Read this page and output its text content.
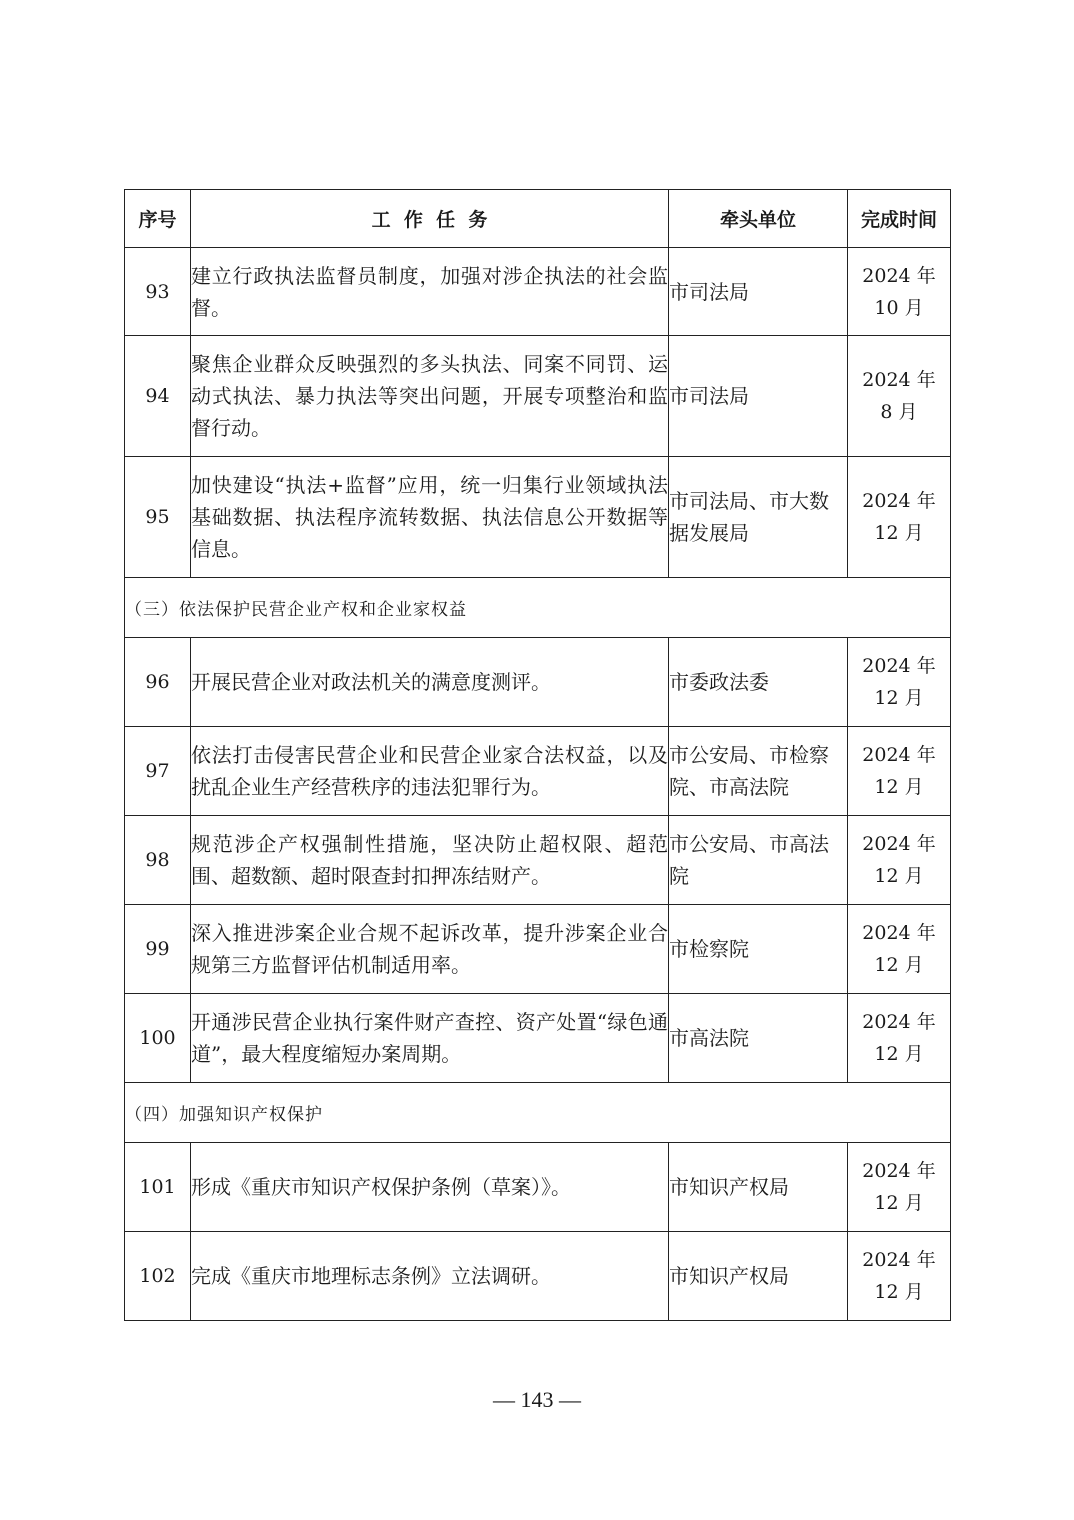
序号	工  作  任  务	牵头单位	完成时间
93	建立行政执法监督员制度，加强对涉企执法的社会监督。	市司法局	2024 年
10 月

94	聚焦企业群众反映强烈的多头执法、同案不同罚、运动式执法、暴力执法等突出问题，开展专项整治和监督行动。	市司法局	2024 年
8 月

95	加快建设“执法+监督”应用，统一归集行业领域执法基础数据、执法程序流转数据、执法信息公开数据等信息。	市司法局、市大数据发展局	2024 年
12 月

（三）依法保护民营企业产权和企业家权益			
96	开展民营企业对政法机关的满意度测评。	市委政法委	2024 年
12 月

97	依法打击侵害民营企业和民营企业家合法权益，以及扰乱企业生产经营秩序的违法犯罪行为。	市公安局、市检察院、市高法院	2024 年
12 月

98	规范涉企产权强制性措施，坚决防止超权限、超范围、超数额、超时限查封扣押冻结财产。	市公安局、市高法院	2024 年
12 月

99	深入推进涉案企业合规不起诉改革，提升涉案企业合规第三方监督评估机制适用率。	市检察院	2024 年
12 月

100	开通涉民营企业执行案件财产查控、资产处置“绿色通道”，最大程度缩短办案周期。	市高法院	2024 年
12 月

（四）加强知识产权保护			
101	形成《重庆市知识产权保护条例（草案）》。	市知识产权局	2024 年
12 月

102	完成《重庆市地理标志条例》立法调研。	市知识产权局	2024 年
12 月
— 143 —
